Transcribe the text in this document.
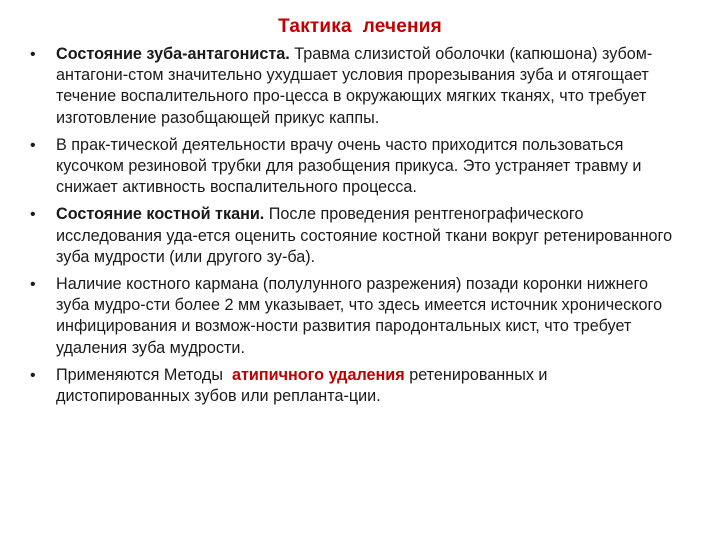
Тактика лечения
•	Состояние зуба-антагониста. Травма слизистой оболочки (капюшона) зубом- антагони-стом значительно ухудшает условия прорезывания зуба и отягощает течение воспалительного про-цесса в окружающих мягких тканях, что требует изготовление разобщающей прикус каппы.
•	В прак-тической деятельности врачу очень часто приходится пользоваться кусочком резиновой трубки для разобщения прикуса. Это устраняет травму и снижает активность воспалительного процесса.
•	Состояние костной ткани. После проведения рентгенографического исследования уда-ется оценить состояние костной ткани вокруг ретенированного зуба мудрости (или другого зу-ба).
•	Наличие костного кармана (полулунного разрежения) позади коронки нижнего зуба мудро-сти более 2 мм указывает, что здесь имеется источник хронического инфицирования и возмож-ности развития пародонтальных кист, что требует удаления зуба мудрости.
•	Применяются Методы  атипичного удаления ретенированных и дистопированных зубов или репланта-ции.
